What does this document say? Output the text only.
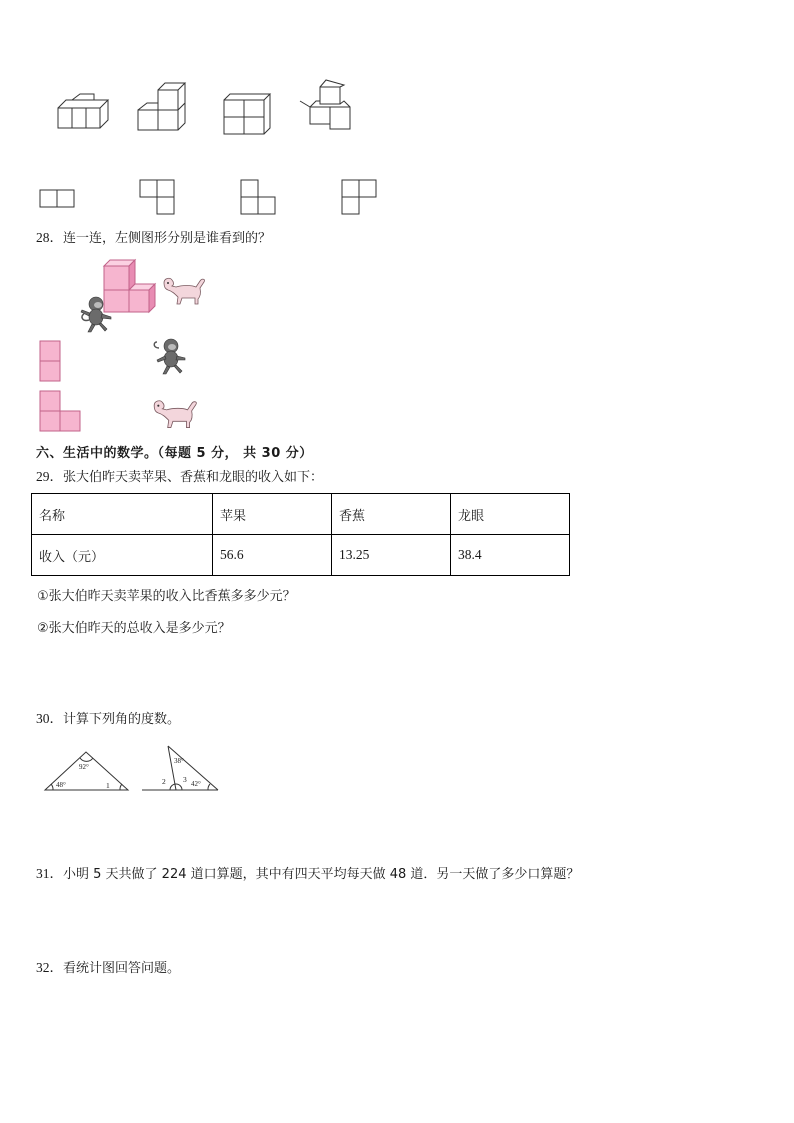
28．连一连，左侧图形分别是谁看到的？
六、生活中的数学。（每题 5 分， 共 30 分）
29．张大伯昨天卖苹果、香蕉和龙眼的收入如下：
名称	苹果	香蕉	龙眼
收入（元）	56.6	13.25	38.4
①张大伯昨天卖苹果的收入比香蕉多多少元？
②张大伯昨天的总收入是多少元？
30．计算下列角的度数。
92°
48°	1
38°
2 3 42°
31．小明 5 天共做了 224 道口算题，其中有四天平均每天做 48 道．另一天做了多少口算题？
32．看统计图回答问题。
